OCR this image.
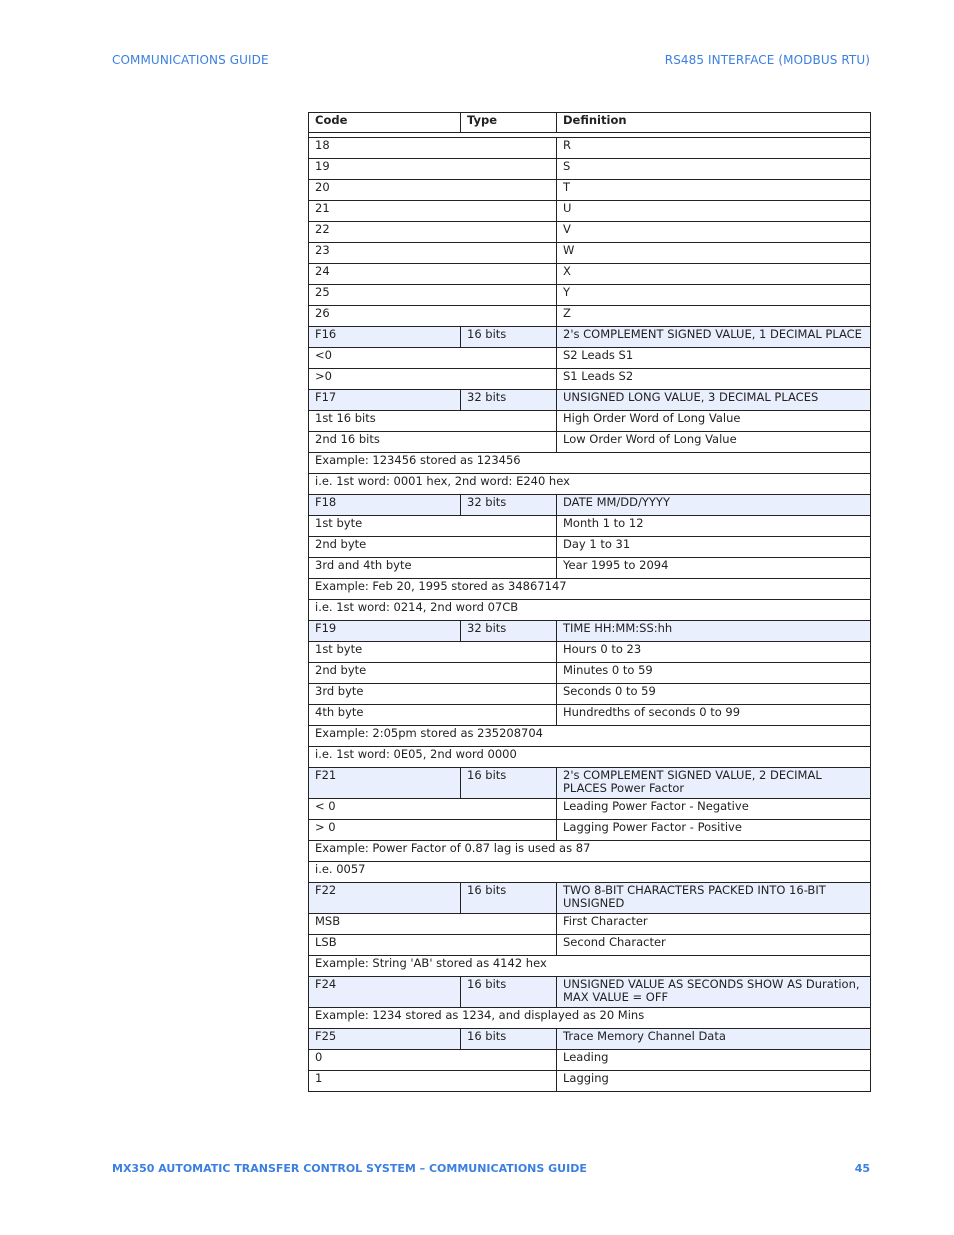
COMMUNICATIONS GUIDE	RS485 INTERFACE (MODBUS RTU)
Code	Type	Definition

18		R
19		S
20		T
21		U
22		V
23		W
24		X
25		Y
26		Z
F16	16 bits	2's COMPLEMENT SIGNED VALUE, 1 DECIMAL PLACE
<0		S2 Leads S1
>0		S1 Leads S2
F17	32 bits	UNSIGNED LONG VALUE, 3 DECIMAL PLACES
1st 16 bits		High Order Word of Long Value
2nd 16 bits		Low Order Word of Long Value
Example: 123456 stored as 123456		
i.e. 1st word: 0001 hex, 2nd word: E240 hex		
F18	32 bits	DATE MM/DD/YYYY
1st byte		Month 1 to 12
2nd byte		Day 1 to 31
3rd and 4th byte		Year 1995 to 2094
Example: Feb 20, 1995 stored as 34867147		
i.e. 1st word: 0214, 2nd word 07CB		
F19	32 bits	TIME HH:MM:SS:hh
1st byte		Hours 0 to 23
2nd byte		Minutes 0 to 59
3rd byte		Seconds 0 to 59
4th byte		Hundredths of seconds 0 to 99
Example: 2:05pm stored as 235208704		
i.e. 1st word: 0E05, 2nd word 0000		
F21	16 bits	2's COMPLEMENT SIGNED VALUE, 2 DECIMAL PLACES Power Factor
< 0		Leading Power Factor - Negative
> 0		Lagging Power Factor - Positive
Example: Power Factor of 0.87 lag is used as 87		
i.e. 0057		
F22	16 bits	TWO 8-BIT CHARACTERS PACKED INTO 16-BIT UNSIGNED
MSB		First Character
LSB		Second Character
Example: String 'AB' stored as 4142 hex		
F24	16 bits	UNSIGNED VALUE AS SECONDS SHOW AS Duration, MAX VALUE = OFF
Example: 1234 stored as 1234, and displayed as 20 Mins		
F25	16 bits	Trace Memory Channel Data
0		Leading
1		Lagging
MX350 AUTOMATIC TRANSFER CONTROL SYSTEM – COMMUNICATIONS GUIDE	45
